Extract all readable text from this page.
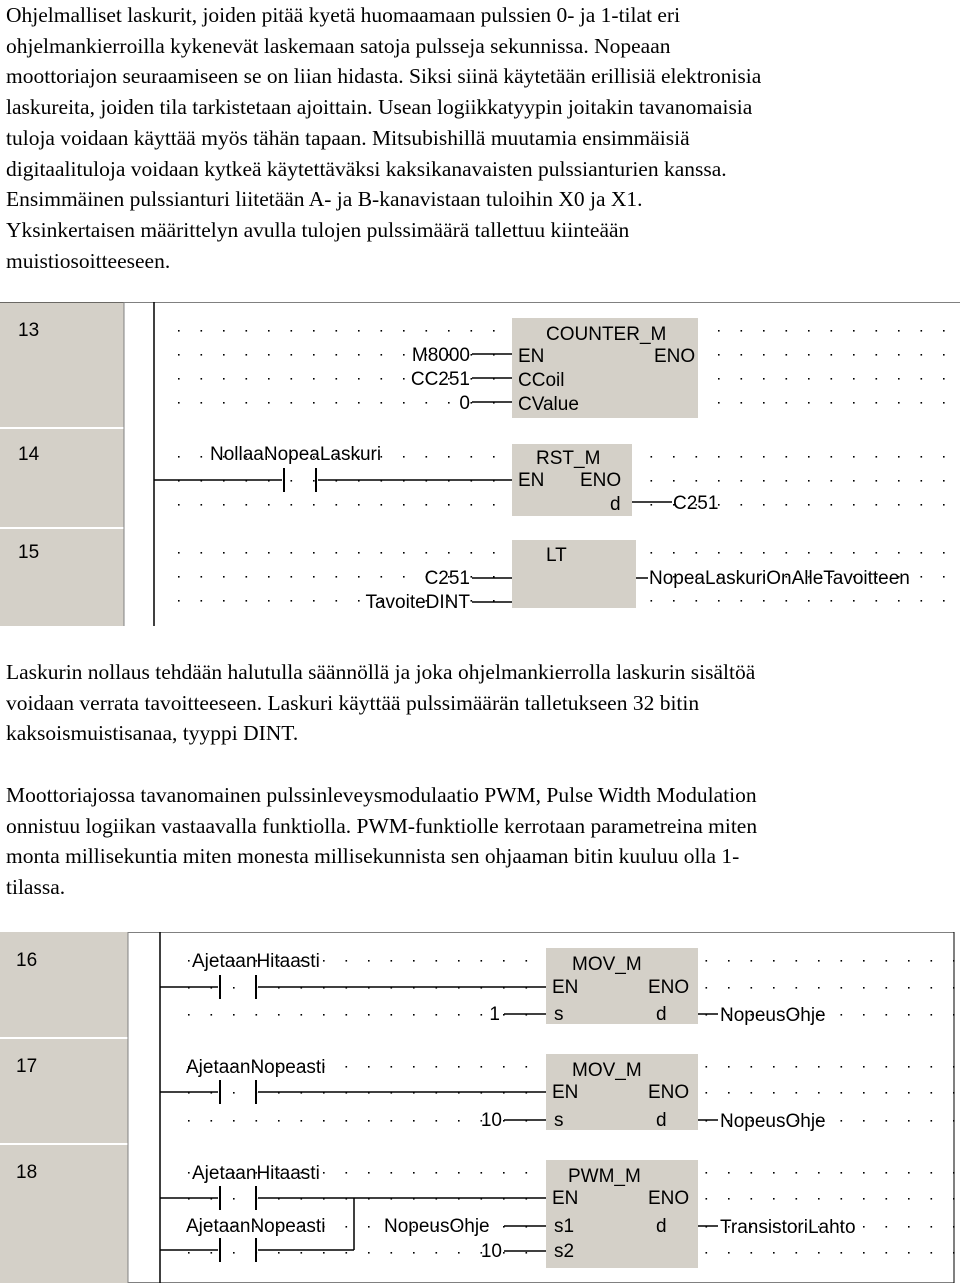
Ohjelmalliset laskurit, joiden pitää kyetä huomaamaan pulssien 0- ja 1-tilat eri
ohjelmankierroilla kykenevät laskemaan satoja pulsseja sekunnissa. Nopeaan
moottoriajon seuraamiseen se on liian hidasta. Siksi siinä käytetään erillisiä elektronisia
laskureita, joiden tila tarkistetaan ajoittain. Usean logiikkatyypin joitakin tavanomaisia
tuloja voidaan käyttää myös tähän tapaan. Mitsubishillä muutamia ensimmäisiä
digitaalituloja voidaan kytkeä käytettäväksi kaksikanavaisten pulssianturien kanssa.
Ensimmäinen pulssianturi liitetään A- ja B-kanavistaan tuloihin X0 ja X1.
Yksinkertaisen määrittelyn avulla tulojen pulssimäärä tallettuu kiinteään
muistiosoitteeseen.
13	COUNTER_M
EN	ENO
CCoil
CValue
M8000
CC251
0
14	NollaaNopeaLaskuri	RST_M
EN ENO
d	C251
15	LT
C251
TavoiteDINT
NopeaLaskuriOnAlleTavoitteen
Laskurin nollaus tehdään halutulla säännöllä ja joka ohjelmankierrolla laskurin sisältöä
voidaan verrata tavoitteeseen. Laskuri käyttää pulssimäärän talletukseen 32 bitin
kaksoismuistisanaa, tyyppi DINT.
Moottoriajossa tavanomainen pulssinleveysmodulaatio PWM, Pulse Width Modulation
onnistuu logiikan vastaavalla funktiolla. PWM-funktiolle kerrotaan parametreina miten
monta millisekuntia miten monesta millisekunnista sen ohjaaman bitin kuuluu olla 1-
tilassa.
16	AjetaanHitaasti	MOV_M
EN	ENO
s	d
1	NopeusOhje
17	AjetaanNopeasti	MOV_M
EN	ENO
s	d
10	NopeusOhje
18	AjetaanHitaasti
AjetaanNopeasti
PWM_M
EN	ENO
s1	d
s2
NopeusOhje
10
TransistoriLahto
